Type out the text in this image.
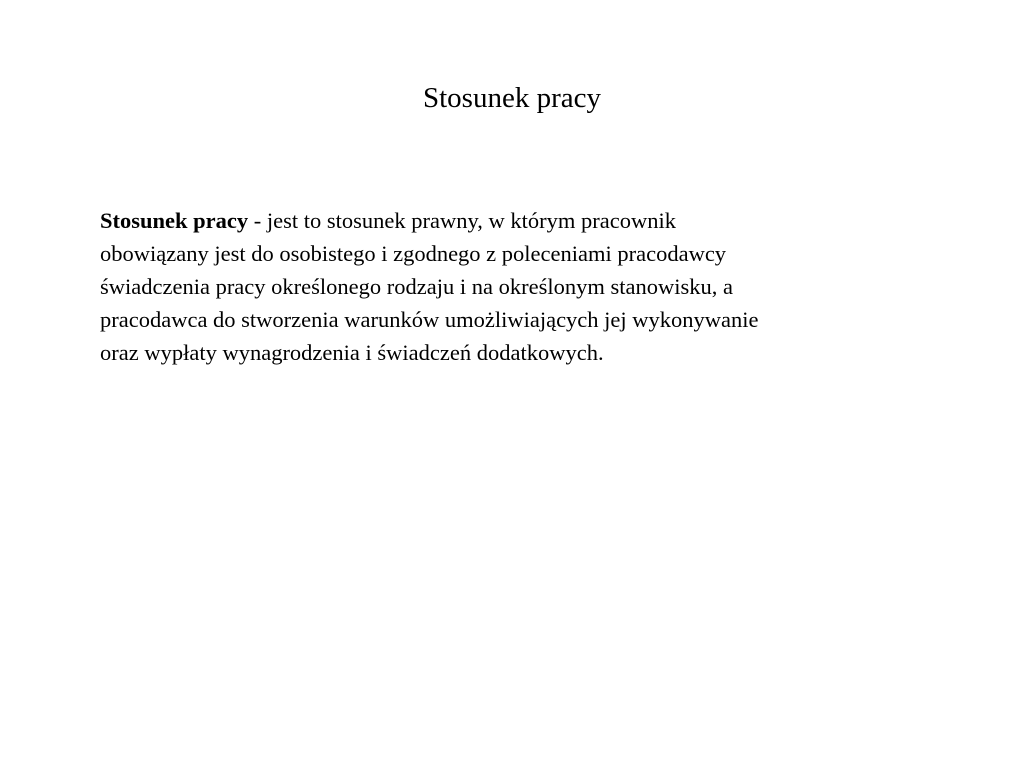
Stosunek pracy

Stosunek pracy - jest to stosunek prawny, w którym pracownik
obowiązany jest do osobistego i zgodnego z poleceniami pracodawcy
świadczenia pracy określonego rodzaju i na określonym stanowisku, a
pracodawca do stworzenia warunków umożliwiających jej wykonywanie
oraz wypłaty wynagrodzenia i świadczeń dodatkowych.
